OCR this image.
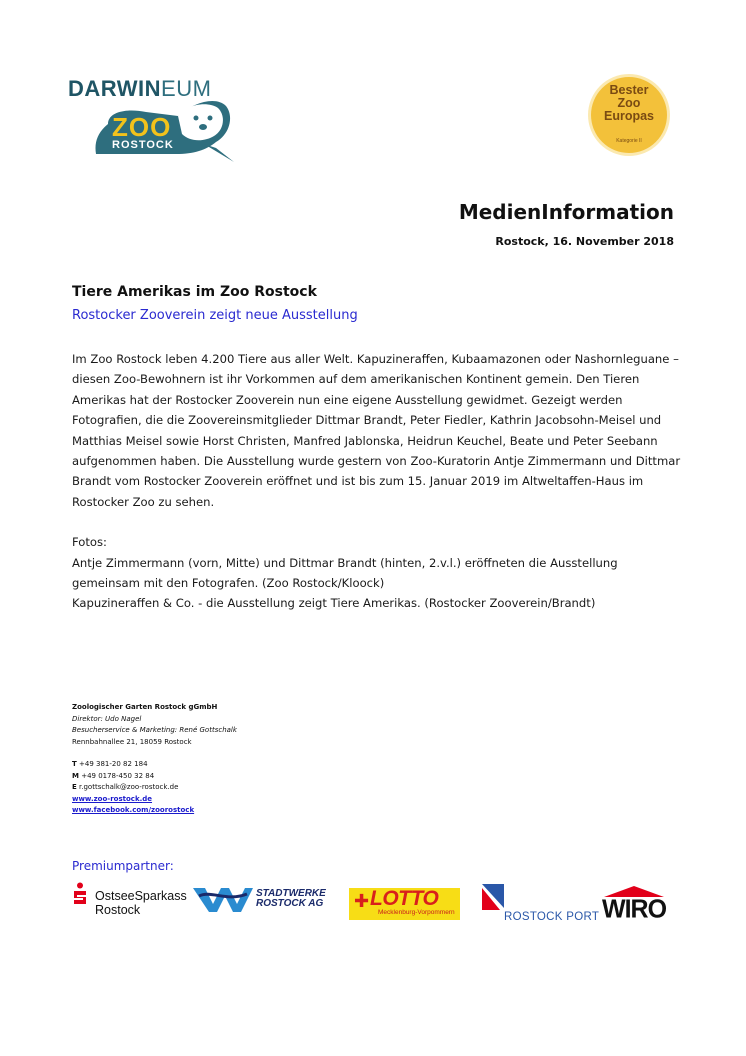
DARWINEUM
ZOO
ROSTOCK
Bester
Zoo
Europas
Kategorie II
MedienInformation
Rostock, 16. November 2018
Tiere Amerikas im Zoo Rostock
Rostocker Zooverein zeigt neue Ausstellung

Im Zoo Rostock leben 4.200 Tiere aus aller Welt. Kapuzineraffen, Kubaamazonen oder Nashornleguane – diesen Zoo-Bewohnern ist ihr Vorkommen auf dem amerikanischen Kontinent gemein. Den Tieren Amerikas hat der Rostocker Zooverein nun eine eigene Ausstellung gewidmet. Gezeigt werden Fotografien, die die Zoovereinsmitglieder Dittmar Brandt, Peter Fiedler, Kathrin Jacobsohn-Meisel und Matthias Meisel sowie Horst Christen, Manfred Jablonska, Heidrun Keuchel, Beate und Peter Seebann aufgenommen haben. Die Ausstellung wurde gestern von Zoo-Kuratorin Antje Zimmermann und Dittmar Brandt vom Rostocker Zooverein eröffnet und ist bis zum 15. Januar 2019 im Altweltaffen-Haus im Rostocker Zoo zu sehen.

Fotos:

Antje Zimmermann (vorn, Mitte) und Dittmar Brandt (hinten, 2.v.l.) eröffneten die Ausstellung gemeinsam mit den Fotografen. (Zoo Rostock/Kloock)

Kapuzineraffen & Co. - die Ausstellung zeigt Tiere Amerikas. (Rostocker Zooverein/Brandt)

Zoologischer Garten Rostock gGmbH
Direktor: Udo Nagel
Besucherservice & Marketing: René Gottschalk
Rennbahnallee 21, 18059 Rostock
T +49 381-20 82 184
M +49 0178-450 32 84
E r.gottschalk@zoo-rostock.de
www.zoo-rostock.de
www.facebook.com/zoorostock
Premiumpartner:
OstseeSparkass
Rostock
STADTWERKE
ROSTOCK AG ✚ LOTTO
Mecklenburg-Vorpommern	ROSTOCK PORT WIRO
